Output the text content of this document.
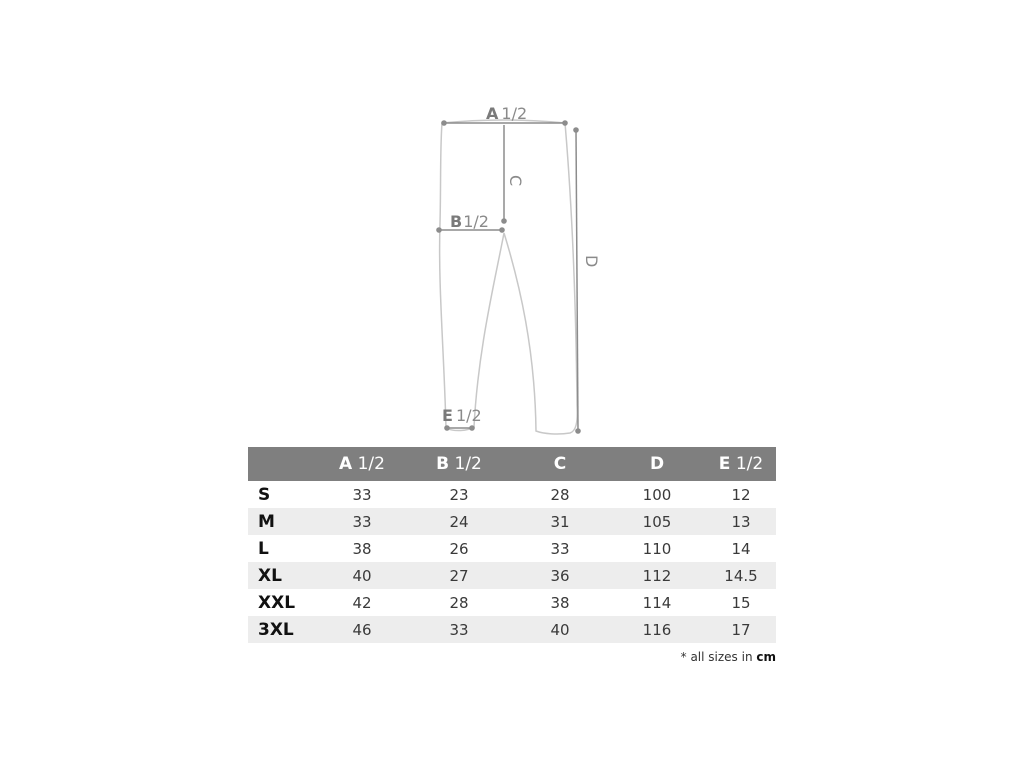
A 1/2
B1/2
C
D
E 1/2
	A 1/2	B 1/2	C	D	E 1/2
S	33	23	28	100	12
M	33	24	31	105	13
L	38	26	33	110	14
XL	40	27	36	112	14.5
XXL	42	28	38	114	15
3XL	46	33	40	116	17
* all sizes in cm
